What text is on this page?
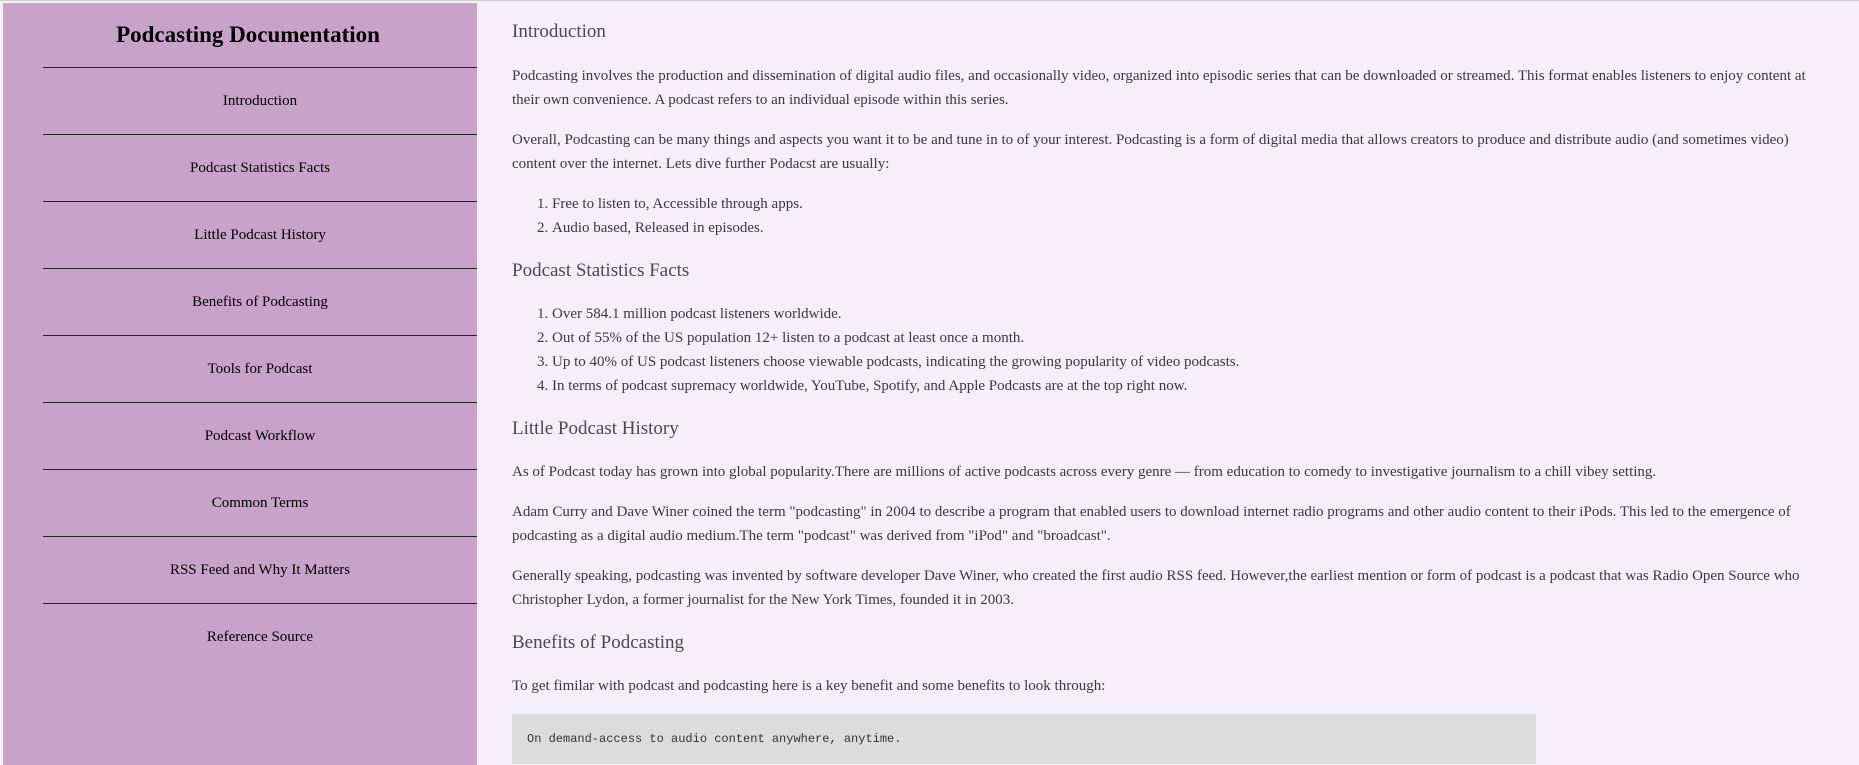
Podcasting Documentation
Introduction
Podcast Statistics Facts
Little Podcast History
Benefits of Podcasting
Tools for Podcast
Podcast Workflow
Common Terms
RSS Feed and Why It Matters
Reference Source
Introduction

Podcasting involves the production and dissemination of digital audio files, and occasionally video, organized into episodic series that can be downloaded or streamed. This format enables listeners to enjoy content at their own convenience. A podcast refers to an individual episode within this series.

Overall, Podcasting can be many things and aspects you want it to be and tune in to of your interest. Podcasting is a form of digital media that allows creators to produce and distribute audio (and sometimes video) content over the internet. Lets dive further Podacst are usually:

1. Free to listen to, Accessible through apps.
2. Audio based, Released in episodes.
Podcast Statistics Facts
1. Over 584.1 million podcast listeners worldwide.
2. Out of 55% of the US population 12+ listen to a podcast at least once a month.
3. Up to 40% of US podcast listeners choose viewable podcasts, indicating the growing popularity of video podcasts.
4. In terms of podcast supremacy worldwide, YouTube, Spotify, and Apple Podcasts are at the top right now.
Little Podcast History

As of Podcast today has grown into global popularity.There are millions of active podcasts across every genre — from education to comedy to investigative journalism to a chill vibey setting.

Adam Curry and Dave Winer coined the term "podcasting" in 2004 to describe a program that enabled users to download internet radio programs and other audio content to their iPods. This led to the emergence of podcasting as a digital audio medium.The term "podcast" was derived from "iPod" and "broadcast".

Generally speaking, podcasting was invented by software developer Dave Winer, who created the first audio RSS feed. However,the earliest mention or form of podcast is a podcast that was Radio Open Source who Christopher Lydon, a former journalist for the New York Times, founded it in 2003.

Benefits of Podcasting

To get fimilar with podcast and podcasting here is a key benefit and some benefits to look through:

On demand-access to audio content anywhere, anytime.
